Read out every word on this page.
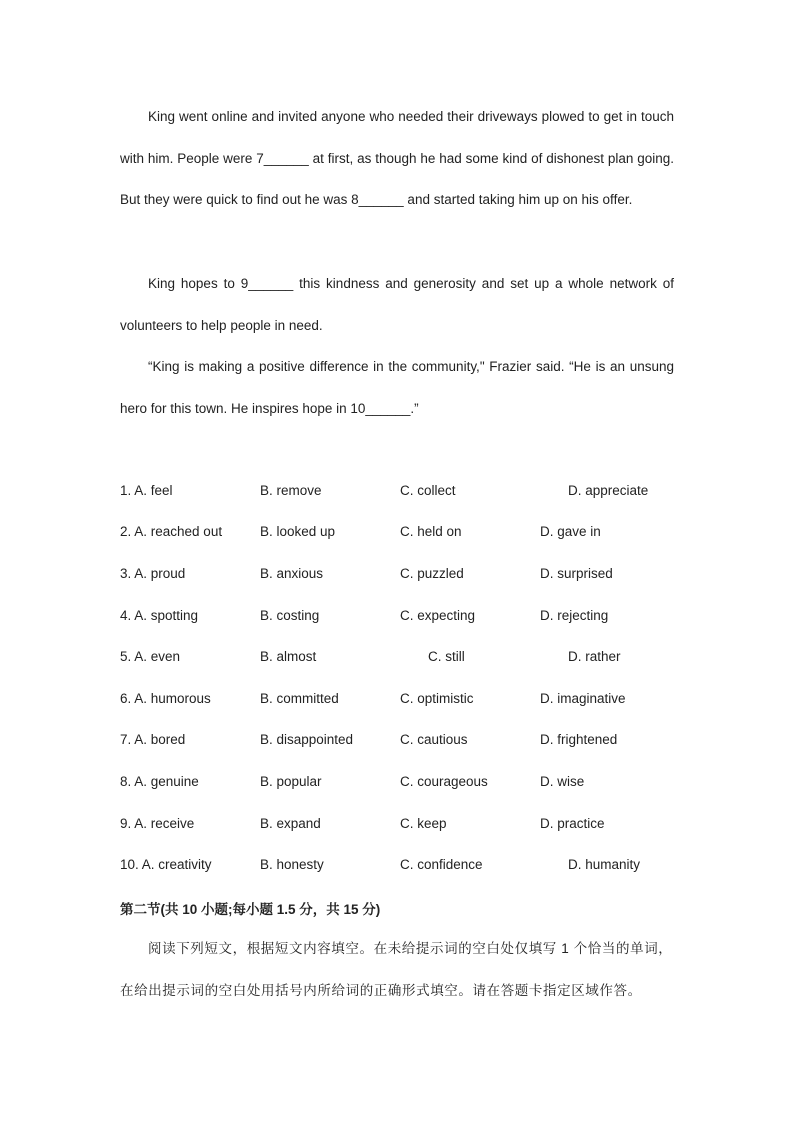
King went online and invited anyone who needed their driveways plowed to get in touch with him. People were 7______ at first, as though he had some kind of dishonest plan going. But they were quick to find out he was 8______ and started taking him up on his offer.

King hopes to 9______ this kindness and generosity and set up a whole network of volunteers to help people in need.

“King is making a positive difference in the community," Frazier said. “He is an unsung hero for this town. He inspires hope in 10______.”

1. A. feel	B. remove	C. collect	D. appreciate
2. A. reached out	B. looked up	C. held on	D. gave in
3. A. proud	B. anxious	C. puzzled	D. surprised
4. A. spotting	B. costing	C. expecting	D. rejecting
5. A. even	B. almost	C. still	D. rather
6. A. humorous	B. committed	C. optimistic	D. imaginative
7. A. bored	B. disappointed	C. cautious	D. frightened
8. A. genuine	B. popular	C. courageous	D. wise
9. A. receive	B. expand	C. keep	D. practice
10. A. creativity	B. honesty	C. confidence	D. humanity

第二节(共 10 小题;每小题 1.5 分，共 15 分)

阅读下列短文，根据短文内容填空。在未给提示词的空白处仅填写 1 个恰当的单词，在给出提示词的空白处用括号内所给词的正确形式填空。请在答题卡指定区域作答。
